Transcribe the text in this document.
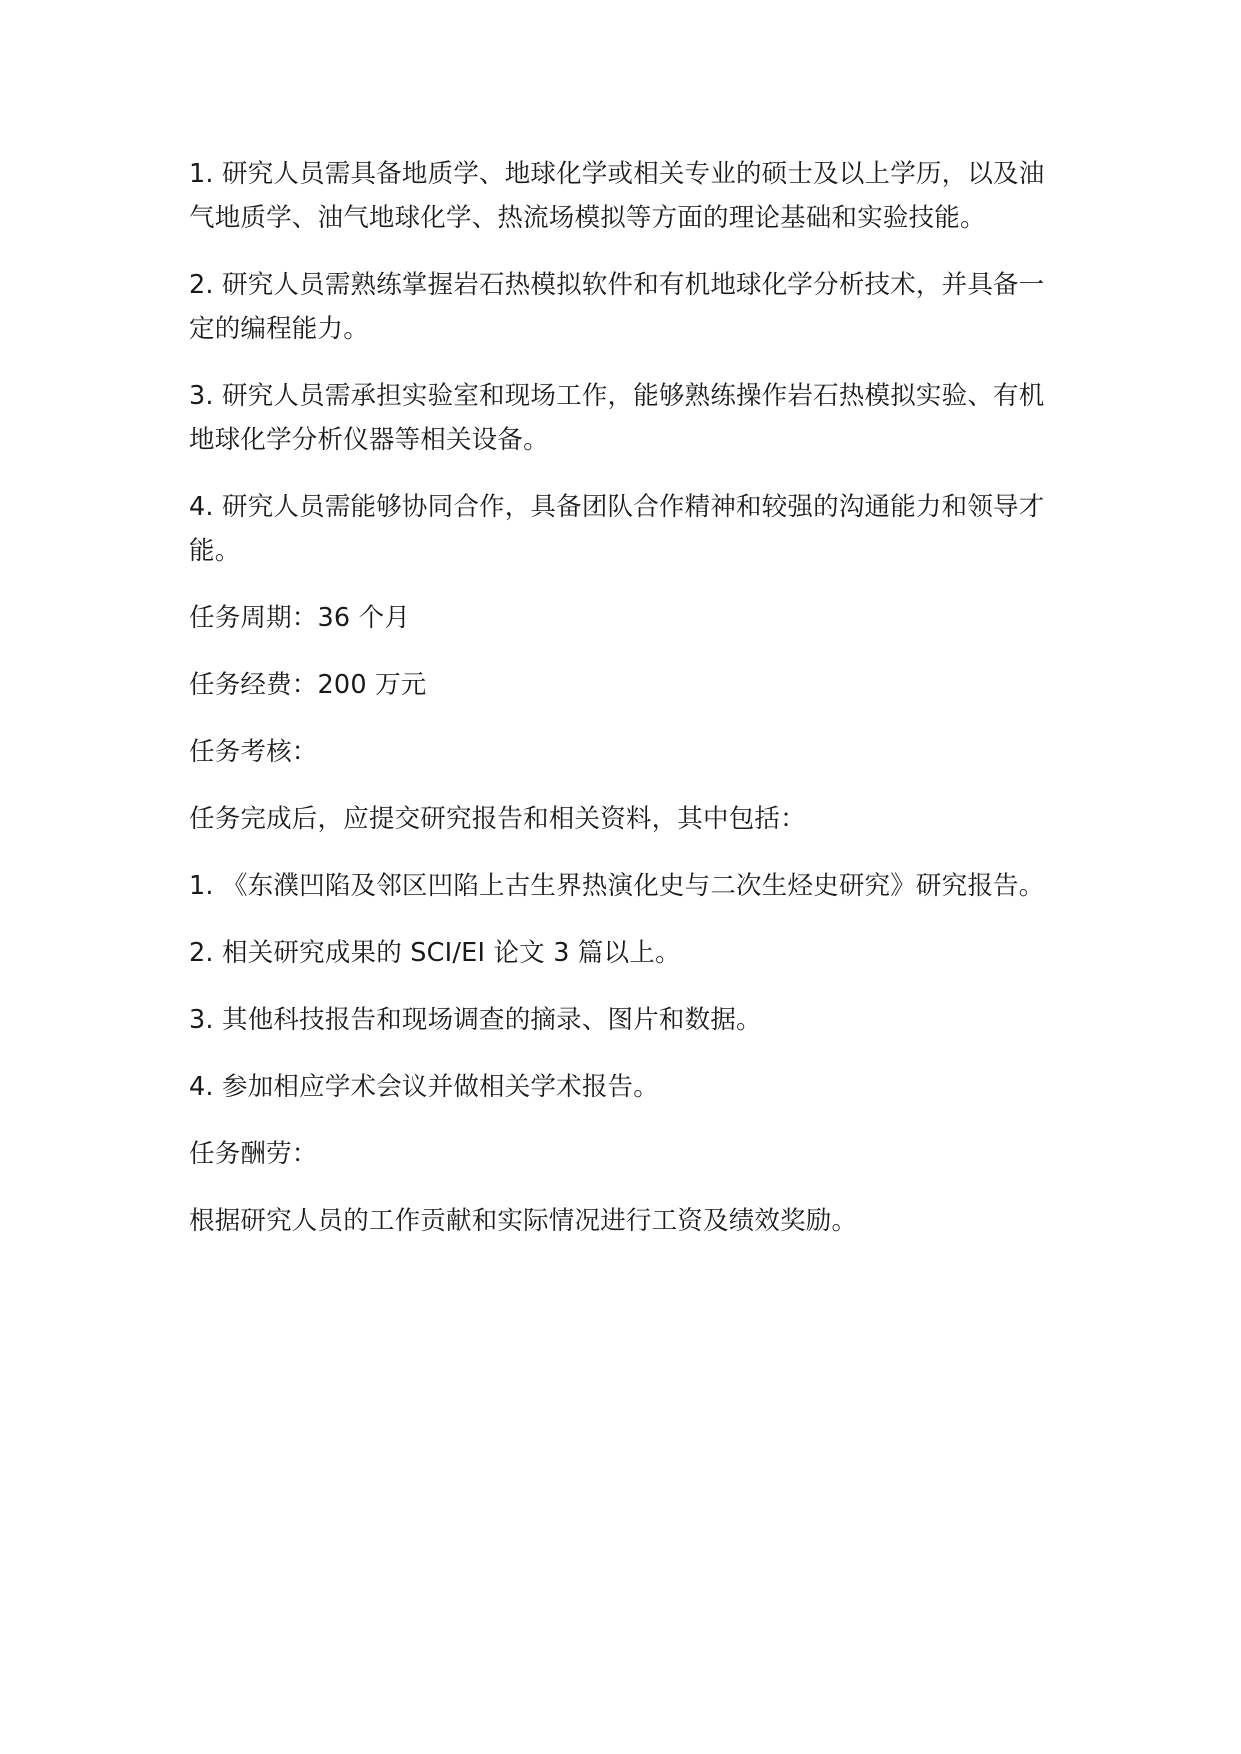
1. 研究人员需具备地质学、地球化学或相关专业的硕士及以上学历，以及油气地质学、油气地球化学、热流场模拟等方面的理论基础和实验技能。

2. 研究人员需熟练掌握岩石热模拟软件和有机地球化学分析技术，并具备一定的编程能力。

3. 研究人员需承担实验室和现场工作，能够熟练操作岩石热模拟实验、有机地球化学分析仪器等相关设备。

4. 研究人员需能够协同合作，具备团队合作精神和较强的沟通能力和领导才能。

任务周期：36 个月

任务经费：200 万元

任务考核：

任务完成后，应提交研究报告和相关资料，其中包括：

1. 《东濮凹陷及邻区凹陷上古生界热演化史与二次生烃史研究》研究报告。

2. 相关研究成果的 SCI/EI 论文 3 篇以上。

3. 其他科技报告和现场调查的摘录、图片和数据。

4. 参加相应学术会议并做相关学术报告。

任务酬劳：

根据研究人员的工作贡献和实际情况进行工资及绩效奖励。
